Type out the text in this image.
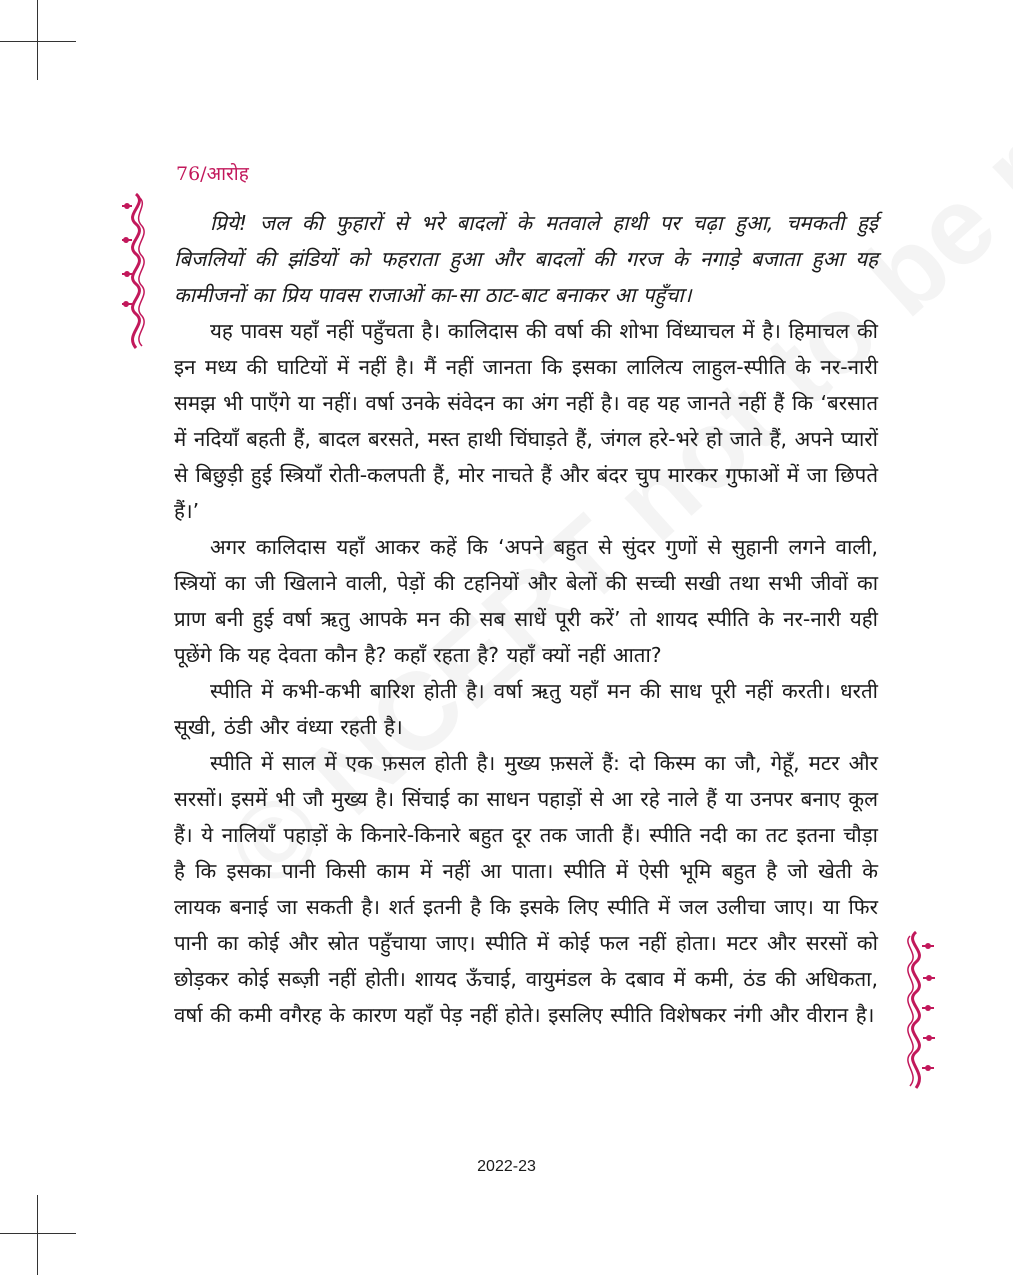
76/आरोह

प्रिये! जल की फुहारों से भरे बादलों के मतवाले हाथी पर चढ़ा हुआ, चमकती हुई बिजलियों की झंडियों को फहराता हुआ और बादलों की गरज के नगाड़े बजाता हुआ यह कामीजनों का प्रिय पावस राजाओं का-सा ठाट-बाट बनाकर आ पहुँचा।

यह पावस यहाँ नहीं पहुँचता है। कालिदास की वर्षा की शोभा विंध्याचल में है। हिमाचल की इन मध्य की घाटियों में नहीं है। मैं नहीं जानता कि इसका लालित्य लाहुल-स्पीति के नर-नारी समझ भी पाएँगे या नहीं। वर्षा उनके संवेदन का अंग नहीं है। वह यह जानते नहीं हैं कि ‘बरसात में नदियाँ बहती हैं, बादल बरसते, मस्त हाथी चिंघाड़ते हैं, जंगल हरे-भरे हो जाते हैं, अपने प्यारों से बिछुड़ी हुई स्त्रियाँ रोती-कलपती हैं, मोर नाचते हैं और बंदर चुप मारकर गुफाओं में जा छिपते हैं।’

अगर कालिदास यहाँ आकर कहें कि ‘अपने बहुत से सुंदर गुणों से सुहानी लगने वाली, स्त्रियों का जी खिलाने वाली, पेड़ों की टहनियों और बेलों की सच्ची सखी तथा सभी जीवों का प्राण बनी हुई वर्षा ऋतु आपके मन की सब साधें पूरी करें’ तो शायद स्पीति के नर-नारी यही पूछेंगे कि यह देवता कौन है? कहाँ रहता है? यहाँ क्यों नहीं आता?

स्पीति में कभी-कभी बारिश होती है। वर्षा ऋतु यहाँ मन की साध पूरी नहीं करती। धरती सूखी, ठंडी और वंध्या रहती है।

स्पीति में साल में एक फ़सल होती है। मुख्य फ़सलें हैं: दो किस्म का जौ, गेहूँ, मटर और सरसों। इसमें भी जौ मुख्य है। सिंचाई का साधन पहाड़ों से आ रहे नाले हैं या उनपर बनाए कूल हैं। ये नालियाँ पहाड़ों के किनारे-किनारे बहुत दूर तक जाती हैं। स्पीति नदी का तट इतना चौड़ा है कि इसका पानी किसी काम में नहीं आ पाता। स्पीति में ऐसी भूमि बहुत है जो खेती के लायक बनाई जा सकती है। शर्त इतनी है कि इसके लिए स्पीति में जल उलीचा जाए। या फिर पानी का कोई और स्रोत पहुँचाया जाए। स्पीति में कोई फल नहीं होता। मटर और सरसों को छोड़कर कोई सब्ज़ी नहीं होती। शायद ऊँचाई, वायुमंडल के दबाव में कमी, ठंड की अधिकता, वर्षा की कमी वगैरह के कारण यहाँ पेड़ नहीं होते। इसलिए स्पीति विशेषकर नंगी और वीरान है।

2022-23
